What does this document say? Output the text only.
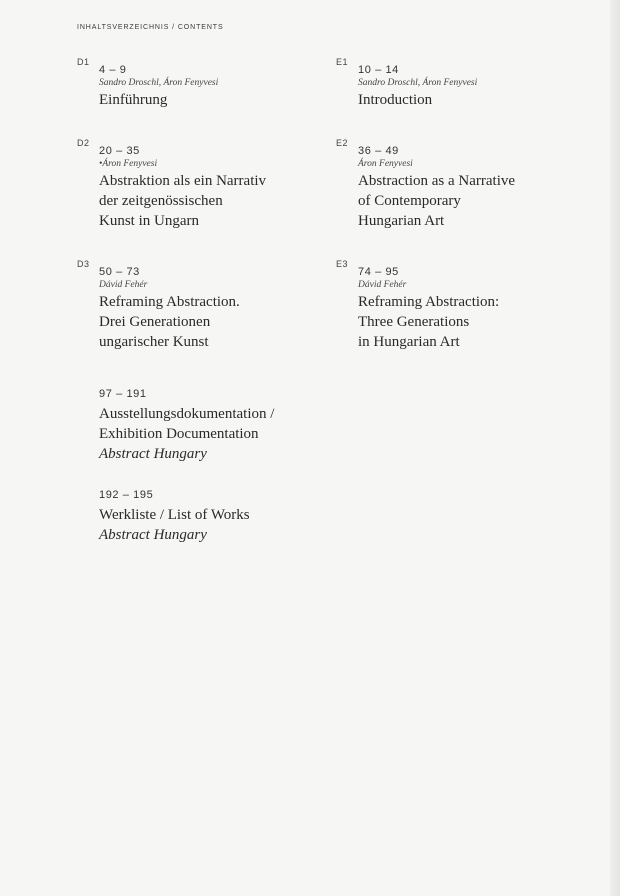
INHALTSVERZEICHNIS / CONTENTS
D1
4 – 9
Sandro Droschl, Áron Fenyvesi
Einführung
E1
10 – 14
Sandro Droschl, Áron Fenyvesi
Introduction
D2
20 – 35
•Áron Fenyvesi
Abstraktion als ein Narrativ
der zeitgenössischen
Kunst in Ungarn
E2
36 – 49
Áron Fenyvesi
Abstraction as a Narrative
of Contemporary
Hungarian Art
D3
50 – 73
Dávid Fehér
Reframing Abstraction.
Drei Generationen
ungarischer Kunst
E3
74 – 95
Dávid Fehér
Reframing Abstraction:
Three Generations
in Hungarian Art
97 – 191
Ausstellungsdokumentation /
Exhibition Documentation
Abstract Hungary
192 – 195
Werkliste / List of Works
Abstract Hungary
